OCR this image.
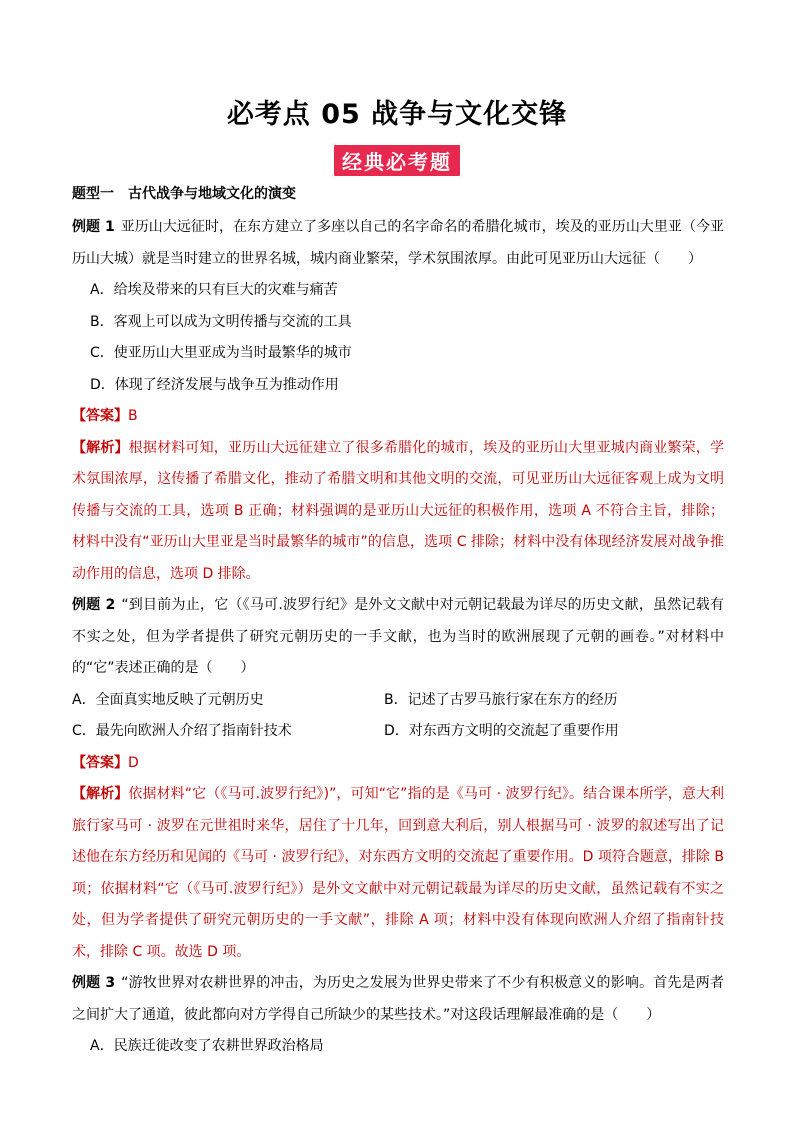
必考点 05 战争与文化交锋
经典必考题
题型一 古代战争与地域文化的演变

例题 1 亚历山大远征时，在东方建立了多座以自己的名字命名的希腊化城市，埃及的亚历山大里亚（今亚历山大城）就是当时建立的世界名城，城内商业繁荣，学术氛围浓厚。由此可见亚历山大远征（　　）

A．给埃及带来的只有巨大的灾难与痛苦

B．客观上可以成为文明传播与交流的工具

C．使亚历山大里亚成为当时最繁华的城市

D．体现了经济发展与战争互为推动作用

【答案】B

【解析】根据材料可知，亚历山大远征建立了很多希腊化的城市，埃及的亚历山大里亚城内商业繁荣，学术氛围浓厚，这传播了希腊文化，推动了希腊文明和其他文明的交流，可见亚历山大远征客观上成为文明传播与交流的工具，选项 B 正确；材料强调的是亚历山大远征的积极作用，选项 A 不符合主旨，排除；材料中没有“亚历山大里亚是当时最繁华的城市”的信息，选项 C 排除；材料中没有体现经济发展对战争推动作用的信息，选项 D 排除。

例题 2 “到目前为止，它（《马可.波罗行纪》是外文文献中对元朝记载最为详尽的历史文献，虽然记载有不实之处，但为学者提供了研究元朝历史的一手文献，也为当时的欧洲展现了元朝的画卷。”对材料中的“它”表述正确的是（　　）

A．全面真实地反映了元朝历史	B．记述了古罗马旅行家在东方的经历
C．最先向欧洲人介绍了指南针技术	D．对东西方文明的交流起了重要作用

【答案】D

【解析】依据材料“它（《马可.波罗行纪》)”，可知“它”指的是《马可 · 波罗行纪》。结合课本所学，意大利旅行家马可 · 波罗在元世祖时来华，居住了十几年，回到意大利后，别人根据马可 · 波罗的叙述写出了记述他在东方经历和见闻的《马可 · 波罗行纪》，对东西方文明的交流起了重要作用。D 项符合题意，排除 B 项；依据材料“它（《马可.波罗行纪》）是外文文献中对元朝记载最为详尽的历史文献，虽然记载有不实之处，但为学者提供了研究元朝历史的一手文献”，排除 A 项；材料中没有体现向欧洲人介绍了指南针技术，排除 C 项。故选 D 项。

例题 3 “游牧世界对农耕世界的冲击，为历史之发展为世界史带来了不少有积极意义的影响。首先是两者之间扩大了通道，彼此都向对方学得自己所缺少的某些技术。”对这段话理解最准确的是（　　）

A．民族迁徙改变了农耕世界政治格局
